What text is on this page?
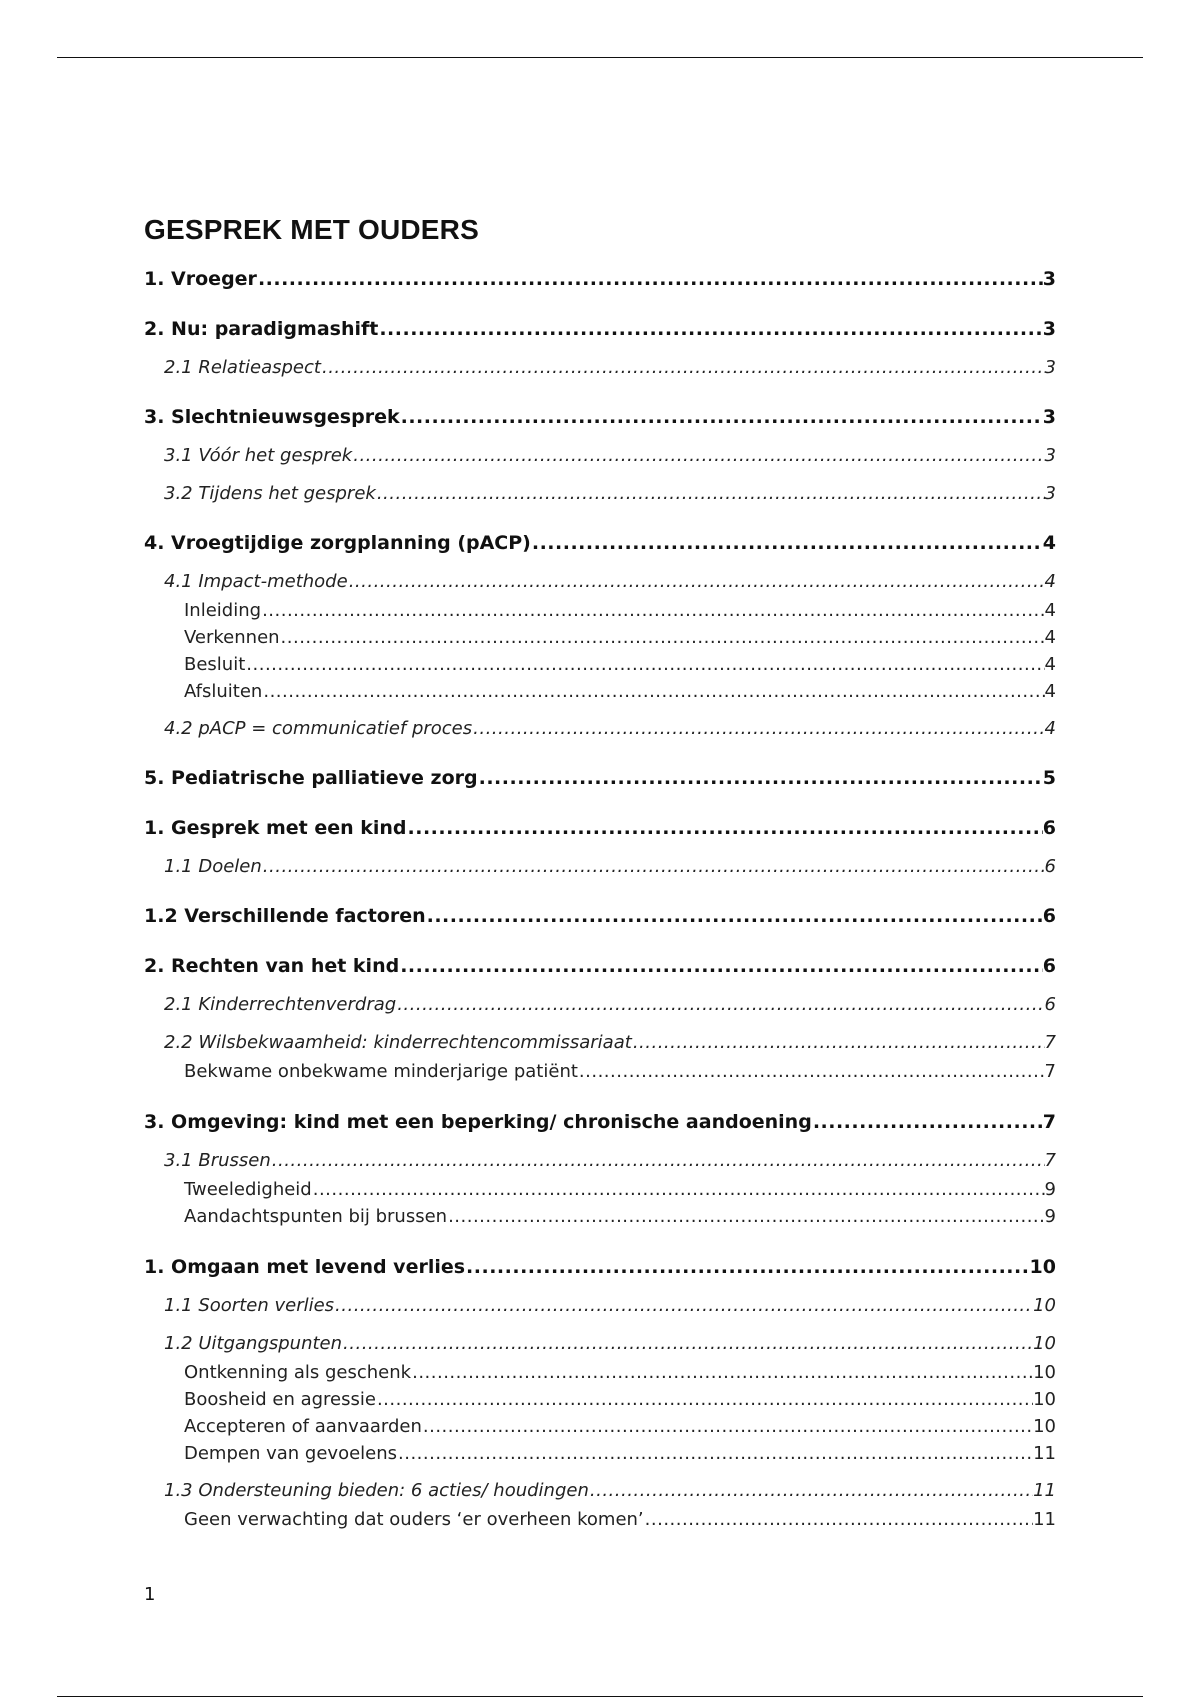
GESPREK MET OUDERS
1. Vroeger .....	3
2. Nu: paradigmashift .....	3
2.1 Relatieaspect .....	3
3. Slechtnieuwsgesprek .....	3
3.1 Vóór het gesprek .....	3
3.2 Tijdens het gesprek .....	3
4. Vroegtijdige zorgplanning (pACP) .....	4
4.1 Impact-methode .....	4
Inleiding .....	4
Verkennen .....	4
Besluit .....	4
Afsluiten .....	4
4.2 pACP = communicatief proces .....	4
5. Pediatrische palliatieve zorg .....	5
1. Gesprek met een kind .....	6
1.1 Doelen .....	6
1.2 Verschillende factoren .....	6
2. Rechten van het kind .....	6
2.1 Kinderrechtenverdrag .....	6
2.2 Wilsbekwaamheid: kinderrechtencommissariaat .....	7
Bekwame onbekwame minderjarige patiënt .....	7
3. Omgeving: kind met een beperking/ chronische aandoening .....	7
3.1 Brussen .....	7
Tweeledigheid .....	9
Aandachtspunten bij brussen .....	9
1. Omgaan met levend verlies .....	10
1.1 Soorten verlies .....	10
1.2 Uitgangspunten .....	10
Ontkenning als geschenk .....	10
Boosheid en agressie .....	10
Accepteren of aanvaarden .....	10
Dempen van gevoelens .....	11
1.3 Ondersteuning bieden: 6 acties/ houdingen .....	11
Geen verwachting dat ouders ‘er overheen komen’ .....	11
1
